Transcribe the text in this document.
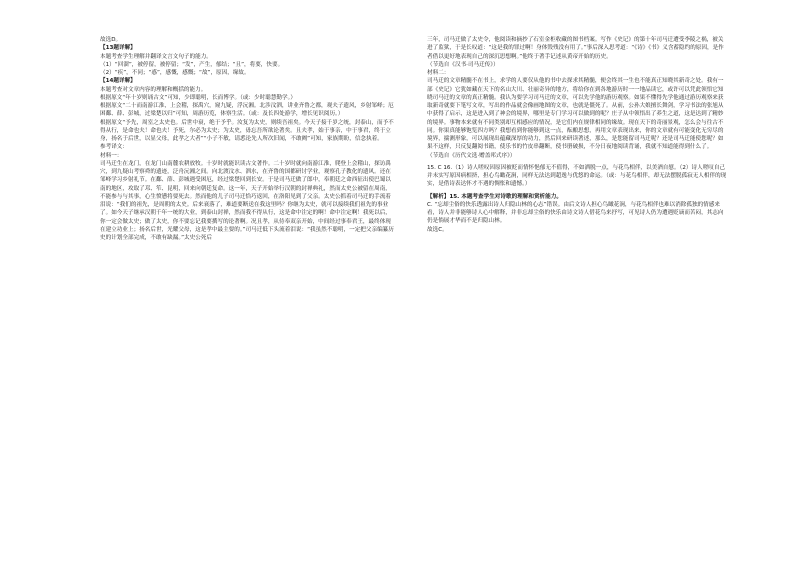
故选D。
【13题详解】
本题考查学生理解并翻译文言文句子的能力。
（1）“回溜”，被停留，被停留；“发”，产生，郁结；“且”，将要，快要。
（2）“疾”，不同；“惑”，感慨，感慨；“故”，原因，缘故。
【14题详解】
本题考查对文章内容的理解和概括的能力。
根据原文“年十岁则诵古文”可知，少即聪明，长而博学。（或：少时聪慧勤学。）
根据原文“二十而南游江淮，上会稽，探禹穴，窥九疑，浮沅湘。北涉汶泗，讲业齐鲁之都，观夫子遗风，乡射邹峄；厄困鄱、薛、彭城，过梁楚以归”可知，周游历览，体察生活。（或：及长四处游学，增长见识阅历。）
根据原文“予先，周室之太史也。后世中衰，绝于予乎。汝复为太史，则续吾祖矣。今天子接千岁之统，封泰山，而予不得从行，是命也夫！命也夫！予死，尔必为太史；为太史，毋忘吾所欲论著矣。且夫孝，始于事亲，中于事君，终于立身，扬名于后世，以显父母，此孝之大者”“小子不敏，请悉论先人所次旧闻，不敢阙”可知，家族期盼，信念执着。
参考译文：
材料一：
司马迁生在龙门，在龙门山南麓农耕放牧。十岁时就能识读古文著作。二十岁时就向南游江淮，爬登上会稽山，探访禹穴，到九疑山考察舜的遗迹，泛舟沅湘之间。向北渡汶水、泗水，在齐鲁的国都研讨学业，观察孔子教化的遗风。还在邹峄学习乡射礼节。在鄱、薛、彭城遇受困厄，经过梁楚回到长安。于是司马迁做了郎中，奉朝廷之命西征出使巴蜀以南的地区，攻取了邛、笮、昆明，回来向朝廷复命。这一年，天子开始举行汉朝的封禅典礼，然而太史公被留在周南，不能参与与其事，心生愤懑将要死去。然而他的儿子司马迁恰巧返回，在洛阳见到了父亲。太史公抓着司马迁的手流着泪说：“我们的祖先，是周朝的太史。后来衰落了，难道要断送在我这里吗？你继为太史，就可以接续我们祖先的事业了。如今天子继承汉朝千年一统的大业，到泰山封禅，然而我不得从行，这是命中注定的啊！命中注定啊！我死以后，你一定会做太史；做了太史，你不要忘记我要撰写的论著啊。况且孝，从侍奉双亲开始，中间经过事奉君王，最终体现在建立功业上；扬名后世，光耀父母，这是孝中最主要的。”司马迁低下头流着泪说：“我虽然不聪明，一定把父亲编纂历史的计划全部完成，不敢有缺漏。”太史公死后
三年，司马迁做了太史令，他阅读和摘抄了石室金柜收藏的图书档案。写作《史记》的第十年司马迁遭受李陵之祸，被关进了监狱，于是长叹道：“这是我的罪过啊！身体毁残没有用了。”事后深入思考道：“《诗》《书》义含蓄隐约的原因，是作者借以更好地表现自己的深沉思想啊。”他终于著手记述从黄帝开始的历史。
（节选自《汉书·司马迁传》）
材料二：
司马迁的文章精髓不在书上，求学的人要仅从他的书中去探求其精髓，便会终其一生也不能真正知晓其新奇之处。我有一部《史记》它犹如藏在天下的名山大川、壮丽奇异的地方，将给你在到各地游历时一一地品读它，或许可以凭此领悟它知晓司马迁的文章的真正精髓。我认为要学习司马迁的文章，可以先学他的游历观察。如果不懂得先学他通过游历观察来获取新奇就要下笔写文章，写出的作品就会像画地图的文章，也就是僵死了。从前，公孙大娘擅长舞剑，学习书法的张旭从中获得了启示，这是进入到了神会的境界，哪里是专门学习可以做到的呢？庄子从中领悟出了养生之道，这是达到了精妙的境界。事物本来就有不同类别却互相感应的情况，是它们内在规律相同的缘故。现在天下的奇丽景观，怎么会与往古不同。你果真能够饱览四方吗？我想看到你能够到这一点，酝酿思想，再用文章表现出来，你的文章就有可能变化无穷尽的境界，揣测形象，可以展现出蕴藏深厚的功力，然后回来研读著述，那么，是您能留司马迁呢？还是司马迁能使您呢？如果不这样，只反复翻阅书籍，使乐书的竹皮串翻断，使书册破损，不分日夜地阅读背诵，我就不知道能得到什么了。
（节选自《历代文选·赠盖邦式序》）
15. C 16.（1）诗人嗟叹因原因被贬而情怀悒郁无不值得，不如洒脱一点，与花鸟相伴，以美酒自慰。（2）诗人嗟叹自己并未实写原因病相挤，担心鸟瞰花涧，同样无法达到超逸与优悠的命运。（或：与花鸟相伴，却无法摆脱孤寂无人相伴的现实，是借诗表达怀才不遇的惆怅和遗憾。）
【解析】15. 本题考查学生对诗歌的理解和赏析能力。
C. “忘却尘俗的快乐透露出诗人归隐山林的心志”错误。由后文诗人担心鸟瞰花涧，与花鸟相伴也难以消除孤独的情感来看，诗人并非能够诗人心中解释，并非忘却尘俗的快乐由诗文诗人借花鸟来抒写，可见诗人仍为遭遇贬谪而苦闷，其志向仍是倘展才华而不是归隐山林。
故选C。
